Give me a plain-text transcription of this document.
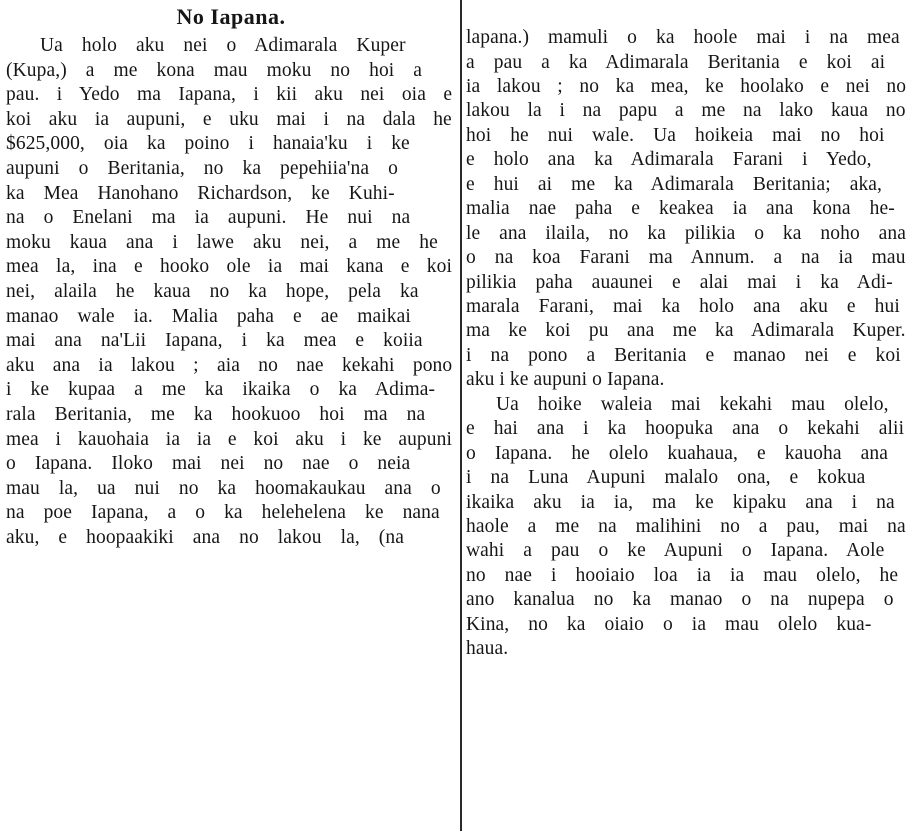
No Iapana.
Ua holo aku nei o Adimarala Kuper
(Kupa,) a me kona mau moku no hoi a
pau. i Yedo ma Iapana, i kii aku nei oia e
koi aku ia aupuni, e uku mai i na dala he
$625,000, oia ka poino i hanaia'ku i ke
aupuni o Beritania, no ka pepehiia'na o
ka Mea Hanohano Richardson, ke Kuhi-
na o Enelani ma ia aupuni. He nui na
moku kaua ana i lawe aku nei, a me he
mea la, ina e hooko ole ia mai kana e koi
nei, alaila he kaua no ka hope, pela ka
manao wale ia. Malia paha e ae maikai
mai ana na'Lii Iapana, i ka mea e koiia
aku ana ia lakou ; aia no nae kekahi pono
i ke kupaa a me ka ikaika o ka Adima-
rala Beritania, me ka hookuoo hoi ma na
mea i kauohaia ia ia e koi aku i ke aupuni
o Iapana. Iloko mai nei no nae o neia
mau la, ua nui no ka hoomakaukau ana o
na poe Iapana, a o ka helehelena ke nana
aku, e hoopaakiki ana no lakou la, (na
lapana.) mamuli o ka hoole mai i na mea
a pau a ka Adimarala Beritania e koi ai
ia lakou ; no ka mea, ke hoolako e nei no
lakou la i na papu a me na lako kaua no
hoi he nui wale. Ua hoikeia mai no hoi
e holo ana ka Adimarala Farani i Yedo,
e hui ai me ka Adimarala Beritania; aka,
malia nae paha e keakea ia ana kona he-
le ana ilaila, no ka pilikia o ka noho ana
o na koa Farani ma Annum. a na ia mau
pilikia paha auaunei e alai mai i ka Adi-
marala Farani, mai ka holo ana aku e hui
ma ke koi pu ana me ka Adimarala Kuper.
i na pono a Beritania e manao nei e koi
aku i ke aupuni o Iapana.
Ua hoike waleia mai kekahi mau olelo,
e hai ana i ka hoopuka ana o kekahi alii
o Iapana. he olelo kuahaua, e kauoha ana
i na Luna Aupuni malalo ona, e kokua
ikaika aku ia ia, ma ke kipaku ana i na
haole a me na malihini no a pau, mai na
wahi a pau o ke Aupuni o Iapana. Aole
no nae i hooiaio loa ia ia mau olelo, he
ano kanalua no ka manao o na nupepa o
Kina, no ka oiaio o ia mau olelo kua-
haua.
